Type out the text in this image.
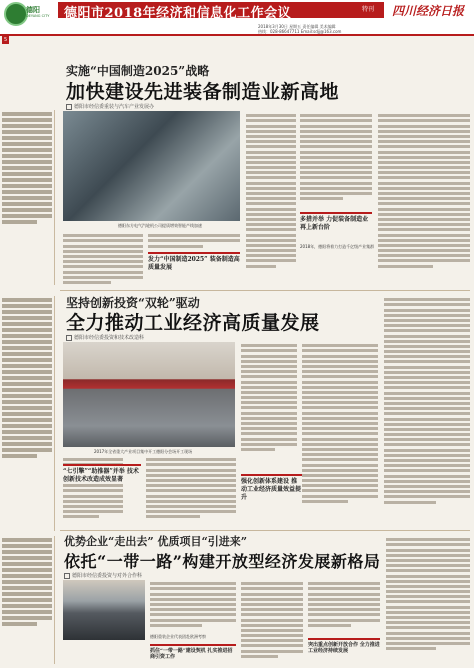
德阳
DEYANG CITY 德阳市2018年经济和信息化工作会议	特刊 四川经济日报
2018年3月30日 星期五 责任编辑 美术编辑
热线：028-86647711 Email:sdjj@163.com
5
实施“中国制造2025”战略
加快建设先进装备制造业新高地
德阳市经信委重装与汽车产业发展办
德阳东方电气汽轮机公司提质增效智能产线加速
多措并举 力促装备制造业再上新台阶
2018年，德阳将着力打造千亿级产业集群
发力“中国制造2025” 装备制造高质量发展
坚持创新投资“双轮”驱动
全力推动工业经济高质量发展
德阳市经信委投资和技术改造科
2017年全省重大产业项目集中开工德阳分会场开工现场
强化创新体系建设 推动工业经济质量效益提升
“七引擎”“助推器”并举 技术创新技术改造成效显著
优势企业“走出去” 优质项目“引进来”
依托“一带一路”构建开放型经济发展新格局
德阳市经信委投资与对外合作科
德阳重装企业代表团赴欧洲考察
抓住“一带一路”建设契机 扎实推进招商引资工作
突出重点创新开放合作 全力推进工业经济持续发展
